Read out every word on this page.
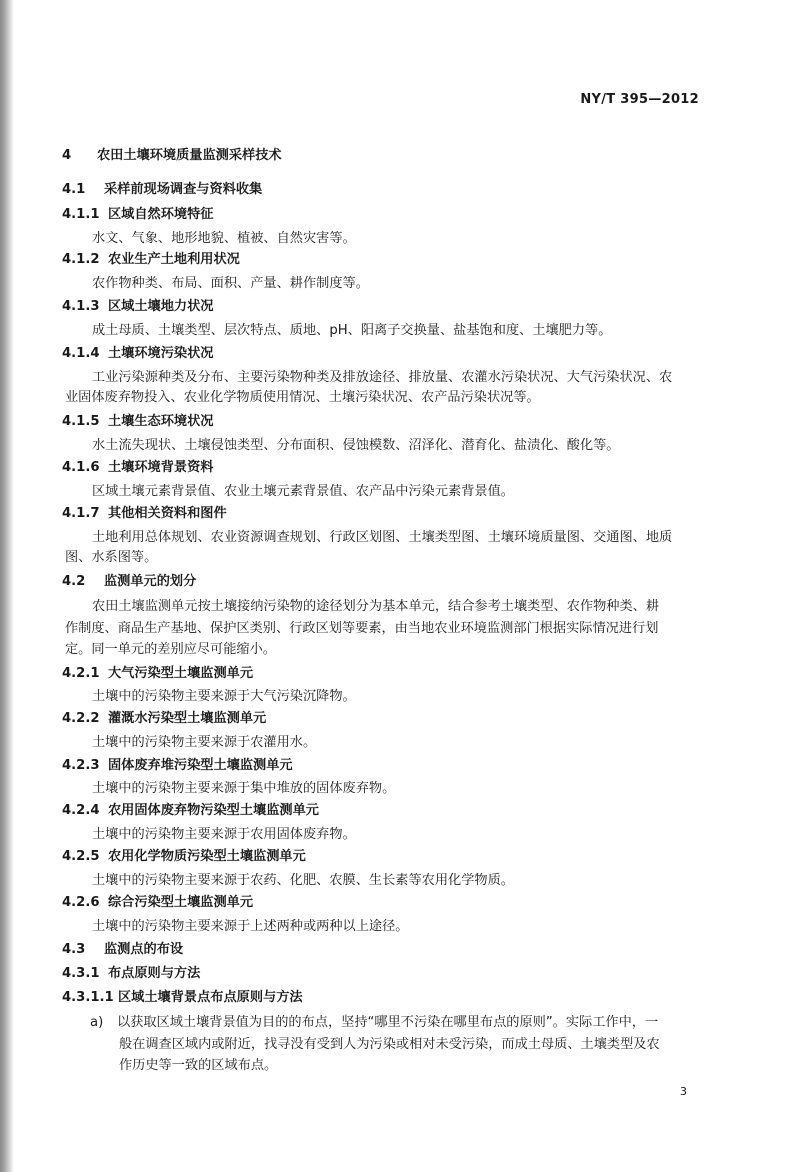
NY/T 395—2012
4 农田土壤环境质量监测采样技术
4.1 采样前现场调查与资料收集
4.1.1 区域自然环境特征
水文、气象、地形地貌、植被、自然灾害等。
4.1.2 农业生产土地利用状况
农作物种类、布局、面积、产量、耕作制度等。
4.1.3 区域土壤地力状况
成土母质、土壤类型、层次特点、质地、pH、阳离子交换量、盐基饱和度、土壤肥力等。
4.1.4 土壤环境污染状况
工业污染源种类及分布、主要污染物种类及排放途径、排放量、农灌水污染状况、大气污染状况、农
业固体废弃物投入、农业化学物质使用情况、土壤污染状况、农产品污染状况等。
4.1.5 土壤生态环境状况
水土流失现状、土壤侵蚀类型、分布面积、侵蚀模数、沼泽化、潜育化、盐渍化、酸化等。
4.1.6 土壤环境背景资料
区域土壤元素背景值、农业土壤元素背景值、农产品中污染元素背景值。
4.1.7 其他相关资料和图件
土地利用总体规划、农业资源调查规划、行政区划图、土壤类型图、土壤环境质量图、交通图、地质
图、水系图等。
4.2 监测单元的划分
农田土壤监测单元按土壤接纳污染物的途径划分为基本单元，结合参考土壤类型、农作物种类、耕
作制度、商品生产基地、保护区类别、行政区划等要素，由当地农业环境监测部门根据实际情况进行划
定。同一单元的差别应尽可能缩小。
4.2.1 大气污染型土壤监测单元
土壤中的污染物主要来源于大气污染沉降物。
4.2.2 灌溉水污染型土壤监测单元
土壤中的污染物主要来源于农灌用水。
4.2.3 固体废弃堆污染型土壤监测单元
土壤中的污染物主要来源于集中堆放的固体废弃物。
4.2.4 农用固体废弃物污染型土壤监测单元
土壤中的污染物主要来源于农用固体废弃物。
4.2.5 农用化学物质污染型土壤监测单元
土壤中的污染物主要来源于农药、化肥、农膜、生长素等农用化学物质。
4.2.6 综合污染型土壤监测单元
土壤中的污染物主要来源于上述两种或两种以上途径。
4.3 监测点的布设
4.3.1 布点原则与方法
4.3.1.1 区域土壤背景点布点原则与方法
a) 以获取区域土壤背景值为目的的布点，坚持“哪里不污染在哪里布点的原则”。实际工作中，一
般在调查区域内或附近，找寻没有受到人为污染或相对未受污染，而成土母质、土壤类型及农
作历史等一致的区域布点。
3
